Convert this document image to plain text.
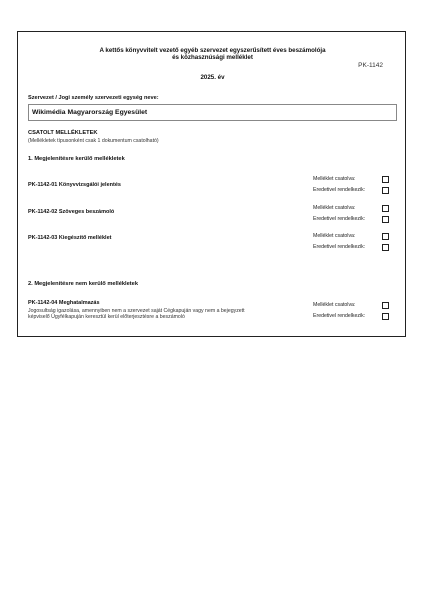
A kettős könyvvitelt vezető egyéb szervezet egyszerűsített éves beszámolója
és közhasznúsági melléklet
PK-1142
2025. év
Szervezet / Jogi személy szervezeti egység neve:
Wikimédia Magyarország Egyesület
CSATOLT MELLÉKLETEK
(Mellékletek típusonként csak 1 dokumentum csatolható)
1. Megjelenítésre kerülő mellékletek
PK-1142-01 Könyvvizsgálói jelentés
Melléklet csatolva:
Eredetivel rendelkezik:
PK-1142-02 Szöveges beszámoló
Melléklet csatolva:
Eredetivel rendelkezik:
PK-1142-03 Kiegészítő melléklet	Melléklet csatolva:
Eredetivel rendelkezik:
2. Megjelenítésre nem kerülő mellékletek
PK-1142-04 Meghatalmazás
Jogosultság igazolása, amennyiben nem a szervezet saját Cégkapuján vagy nem a bejegyzett képviselő Ügyfélkapuján keresztül kerül előterjesztésre a beszámoló
Melléklet csatolva:
Eredetivel rendelkezik:
